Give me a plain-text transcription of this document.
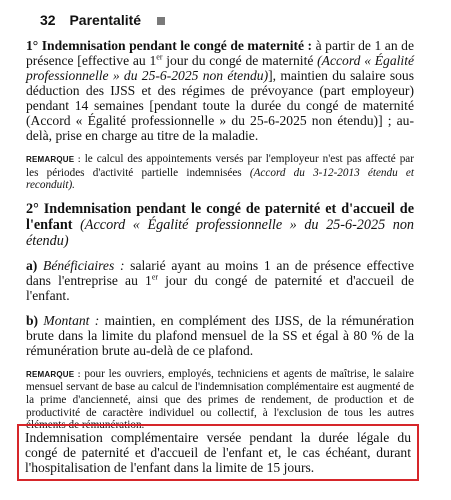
32 Parentalité

1° Indemnisation pendant le congé de maternité : à partir de 1 an de présence [effective au 1er jour du congé de maternité (Accord « Égalité professionnelle » du 25-6-2025 non étendu)], maintien du salaire sous déduction des IJSS et des régimes de prévoyance (part employeur) pendant 14 semaines [pendant toute la durée du congé de maternité (Accord « Égalité professionnelle » du 25-6-2025 non étendu)] ; au-delà, prise en charge au titre de la maladie.

REMARQUE : le calcul des appointements versés par l'employeur n'est pas affecté par les périodes d'activité partielle indemnisées (Accord du 3-12-2013 étendu et reconduit).

2° Indemnisation pendant le congé de paternité et d'accueil de l'enfant (Accord « Égalité professionnelle » du 25-6-2025 non étendu)

a) Bénéficiaires : salarié ayant au moins 1 an de présence effective dans l'entreprise au 1er jour du congé de paternité et d'accueil de l'enfant.

b) Montant : maintien, en complément des IJSS, de la rémunération brute dans la limite du plafond mensuel de la SS et égal à 80 % de la rémunération brute au-delà de ce plafond.

REMARQUE : pour les ouvriers, employés, techniciens et agents de maîtrise, le salaire mensuel servant de base au calcul de l'indemnisation complémentaire est augmenté de la prime d'ancienneté, ainsi que des primes de rendement, de production et de productivité de caractère individuel ou collectif, à l'exclusion de tous les autres éléments de rémunération.

Indemnisation complémentaire versée pendant la durée légale du congé de paternité et d'accueil de l'enfant et, le cas échéant, durant l'hospitalisation de l'enfant dans la limite de 15 jours.
